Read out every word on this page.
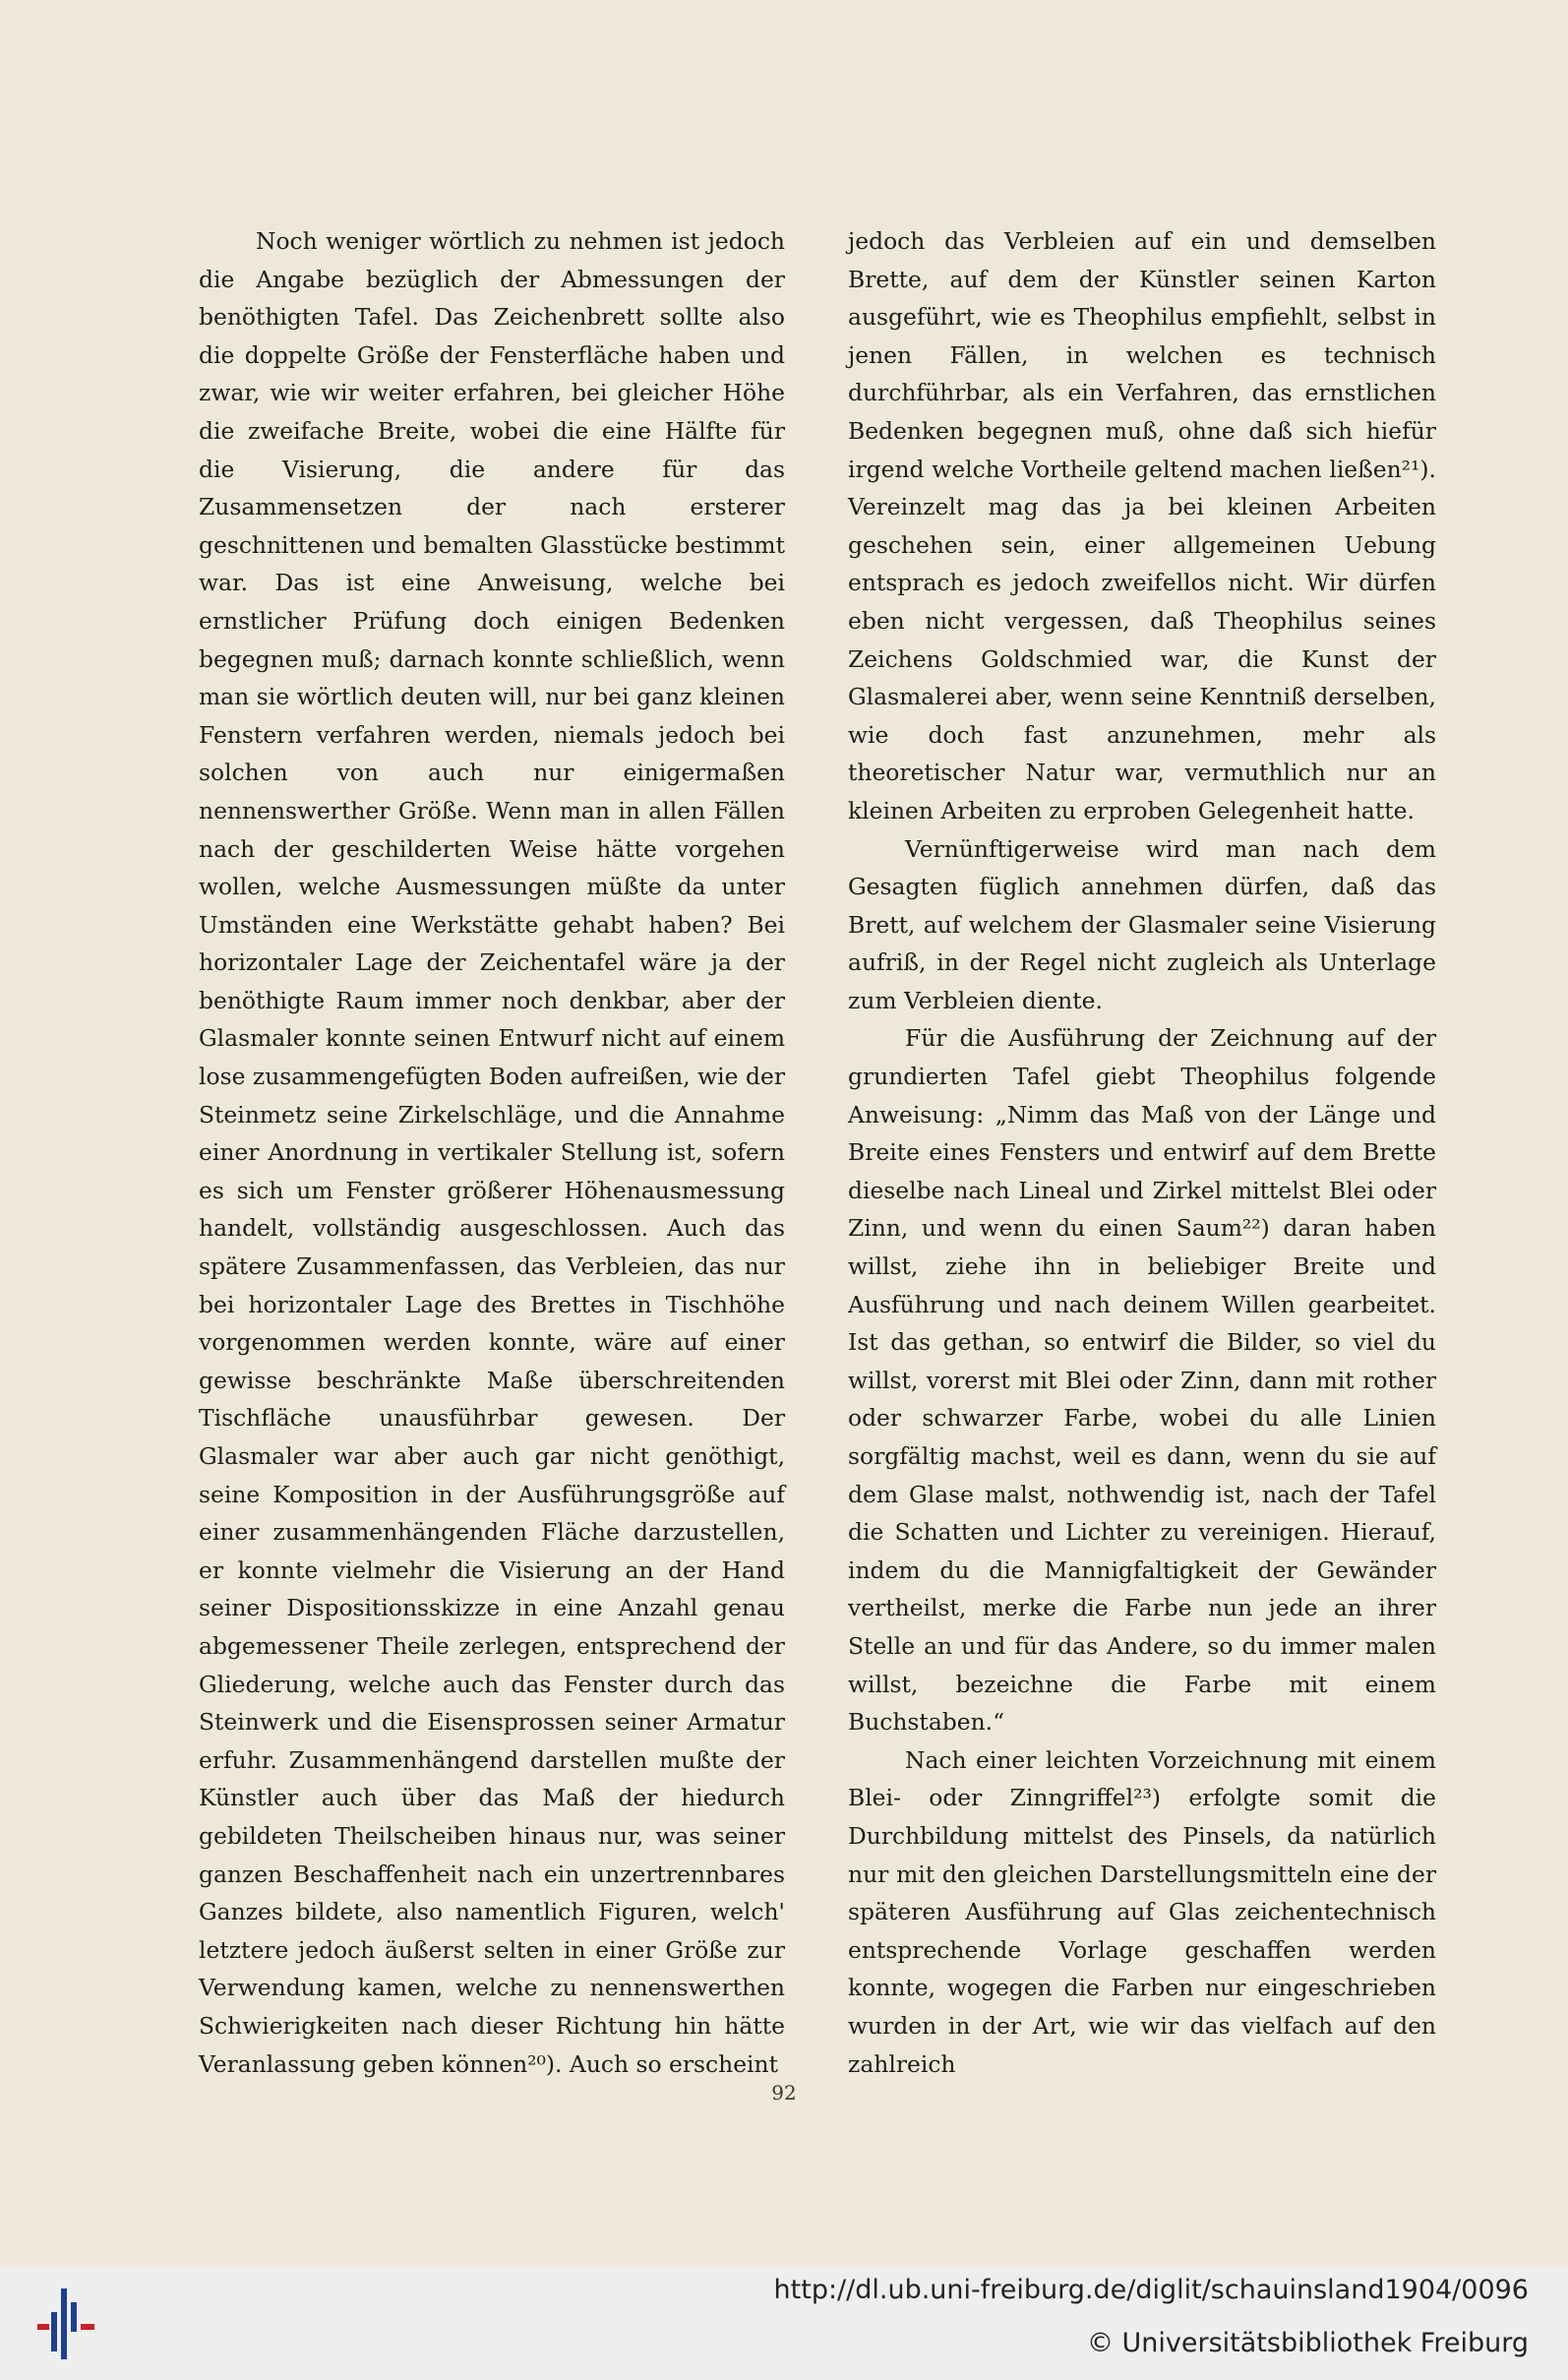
Noch weniger wörtlich zu nehmen ist jedoch die Angabe bezüglich der Abmessungen der benöthigten Tafel. Das Zeichenbrett sollte also die doppelte Größe der Fensterfläche haben und zwar, wie wir weiter erfahren, bei gleicher Höhe die zweifache Breite, wobei die eine Hälfte für die Visierung, die andere für das Zusammensetzen der nach ersterer geschnittenen und bemalten Glasstücke bestimmt war. Das ist eine Anweisung, welche bei ernstlicher Prüfung doch einigen Bedenken begegnen muß; darnach konnte schließlich, wenn man sie wörtlich deuten will, nur bei ganz kleinen Fenstern verfahren werden, niemals jedoch bei solchen von auch nur einigermaßen nennenswerther Größe. Wenn man in allen Fällen nach der geschilderten Weise hätte vorgehen wollen, welche Ausmessungen müßte da unter Umständen eine Werkstätte gehabt haben? Bei horizontaler Lage der Zeichentafel wäre ja der benöthigte Raum immer noch denkbar, aber der Glasmaler konnte seinen Entwurf nicht auf einem lose zusammengefügten Boden aufreißen, wie der Steinmetz seine Zirkelschläge, und die Annahme einer Anordnung in vertikaler Stellung ist, sofern es sich um Fenster größerer Höhenausmessung handelt, vollständig ausgeschlossen. Auch das spätere Zusammenfassen, das Verbleien, das nur bei horizontaler Lage des Brettes in Tischhöhe vorgenommen werden konnte, wäre auf einer gewisse beschränkte Maße überschreitenden Tischfläche unausführbar gewesen. Der Glasmaler war aber auch gar nicht genöthigt, seine Komposition in der Ausführungsgröße auf einer zusammenhängenden Fläche darzustellen, er konnte vielmehr die Visierung an der Hand seiner Dispositionsskizze in eine Anzahl genau abgemessener Theile zerlegen, entsprechend der Gliederung, welche auch das Fenster durch das Steinwerk und die Eisensprossen seiner Armatur erfuhr. Zusammenhängend darstellen mußte der Künstler auch über das Maß der hiedurch gebildeten Theilscheiben hinaus nur, was seiner ganzen Beschaffenheit nach ein unzertrennbares Ganzes bildete, also namentlich Figuren, welch' letztere jedoch äußerst selten in einer Größe zur Verwendung kamen, welche zu nennenswerthen Schwierigkeiten nach dieser Richtung hin hätte Veranlassung geben können²⁰). Auch so erscheint

jedoch das Verbleien auf ein und demselben Brette, auf dem der Künstler seinen Karton ausgeführt, wie es Theophilus empfiehlt, selbst in jenen Fällen, in welchen es technisch durchführbar, als ein Verfahren, das ernstlichen Bedenken begegnen muß, ohne daß sich hiefür irgend welche Vortheile geltend machen ließen²¹). Vereinzelt mag das ja bei kleinen Arbeiten geschehen sein, einer allgemeinen Uebung entsprach es jedoch zweifellos nicht. Wir dürfen eben nicht vergessen, daß Theophilus seines Zeichens Goldschmied war, die Kunst der Glasmalerei aber, wenn seine Kenntniß derselben, wie doch fast anzunehmen, mehr als theoretischer Natur war, vermuthlich nur an kleinen Arbeiten zu erproben Gelegenheit hatte.

Vernünftigerweise wird man nach dem Gesagten füglich annehmen dürfen, daß das Brett, auf welchem der Glasmaler seine Visierung aufriß, in der Regel nicht zugleich als Unterlage zum Verbleien diente.

Für die Ausführung der Zeichnung auf der grundierten Tafel giebt Theophilus folgende Anweisung: „Nimm das Maß von der Länge und Breite eines Fensters und entwirf auf dem Brette dieselbe nach Lineal und Zirkel mittelst Blei oder Zinn, und wenn du einen Saum²²) daran haben willst, ziehe ihn in beliebiger Breite und Ausführung und nach deinem Willen gearbeitet. Ist das gethan, so entwirf die Bilder, so viel du willst, vorerst mit Blei oder Zinn, dann mit rother oder schwarzer Farbe, wobei du alle Linien sorgfältig machst, weil es dann, wenn du sie auf dem Glase malst, nothwendig ist, nach der Tafel die Schatten und Lichter zu vereinigen. Hierauf, indem du die Mannigfaltigkeit der Gewänder vertheilst, merke die Farbe nun jede an ihrer Stelle an und für das Andere, so du immer malen willst, bezeichne die Farbe mit einem Buchstaben.“

Nach einer leichten Vorzeichnung mit einem Blei- oder Zinngriffel²³) erfolgte somit die Durchbildung mittelst des Pinsels, da natürlich nur mit den gleichen Darstellungsmitteln eine der späteren Ausführung auf Glas zeichentechnisch entsprechende Vorlage geschaffen werden konnte, wogegen die Farben nur eingeschrieben wurden in der Art, wie wir das vielfach auf den zahlreich

92
http://dl.ub.uni-freiburg.de/diglit/schauinsland1904/0096
© Universitätsbibliothek Freiburg
